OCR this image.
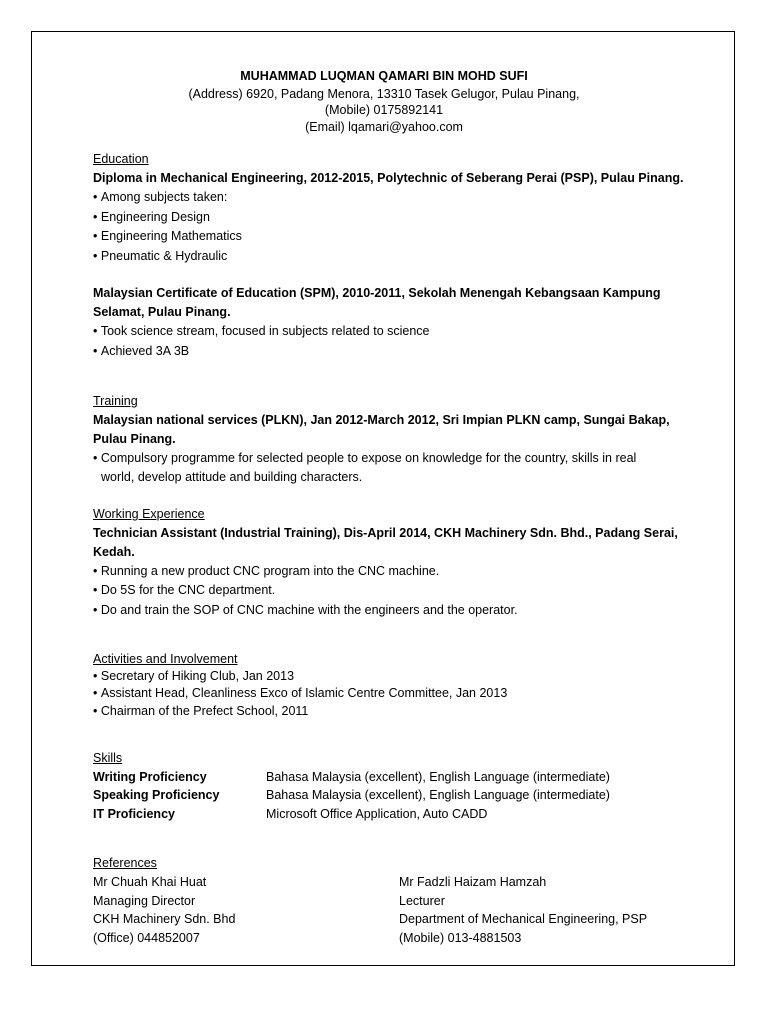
MUHAMMAD LUQMAN QAMARI BIN MOHD SUFI
(Address) 6920, Padang Menora, 13310 Tasek Gelugor, Pulau Pinang,
(Mobile) 0175892141
(Email) lqamari@yahoo.com
Education
Diploma in Mechanical Engineering, 2012-2015, Polytechnic of Seberang Perai (PSP), Pulau Pinang.
• Among subjects taken:
• Engineering Design
• Engineering Mathematics
• Pneumatic & Hydraulic
Malaysian Certificate of Education (SPM), 2010-2011, Sekolah Menengah Kebangsaan Kampung
Selamat, Pulau Pinang.
• Took science stream, focused in subjects related to science
• Achieved 3A 3B
Training
Malaysian national services (PLKN), Jan 2012-March 2012, Sri Impian PLKN camp, Sungai Bakap,
Pulau Pinang.
• Compulsory programme for selected people to expose on knowledge for the country, skills in real
world, develop attitude and building characters.
Working Experience
Technician Assistant (Industrial Training), Dis-April 2014, CKH Machinery Sdn. Bhd., Padang Serai,
Kedah.
• Running a new product CNC program into the CNC machine.
• Do 5S for the CNC department.
• Do and train the SOP of CNC machine with the engineers and the operator.
Activities and Involvement
• Secretary of Hiking Club, Jan 2013
• Assistant Head, Cleanliness Exco of Islamic Centre Committee, Jan 2013
• Chairman of the Prefect School, 2011
Skills
Writing Proficiency	Bahasa Malaysia (excellent), English Language (intermediate)
Speaking Proficiency	Bahasa Malaysia (excellent), English Language (intermediate)
IT Proficiency	Microsoft Office Application, Auto CADD
References
Mr Chuah Khai Huat
Managing Director
CKH Machinery Sdn. Bhd
(Office) 044852007
Mr Fadzli Haizam Hamzah
Lecturer
Department of Mechanical Engineering, PSP
(Mobile) 013-4881503
